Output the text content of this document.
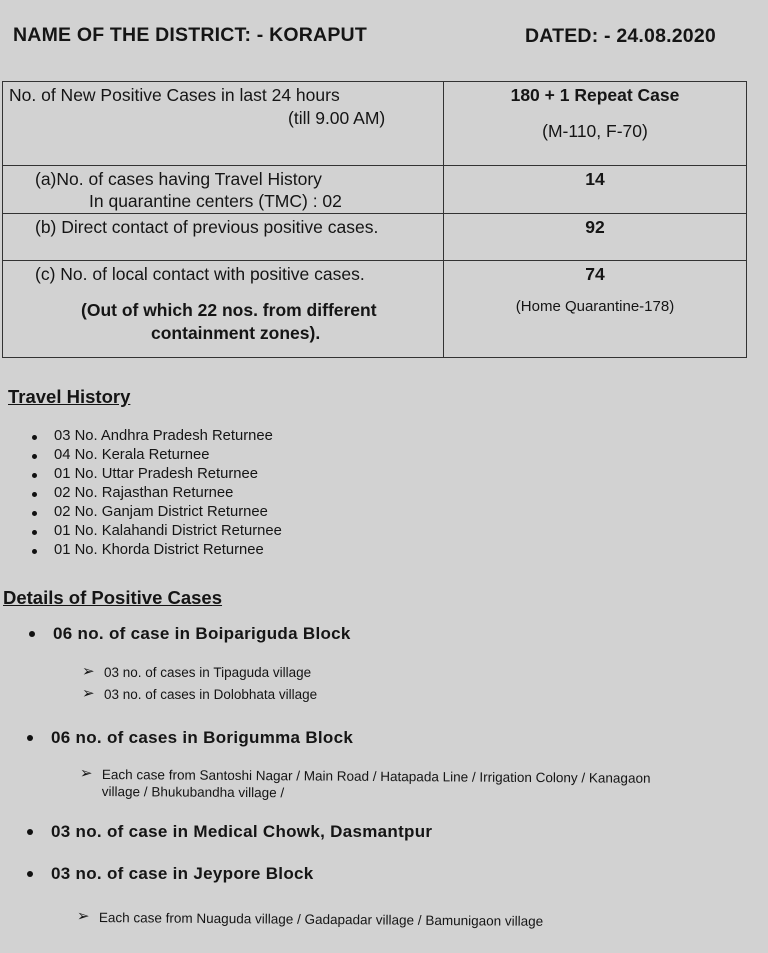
NAME OF THE DISTRICT: - KORAPUT	DATED: - 24.08.2020
No. of New Positive Cases in last 24 hours
(till 9.00 AM)	180 + 1 Repeat Case
(M-110, F-70)

(a)No. of cases having Travel History
In quarantine centers (TMC) : 02	14

(b) Direct contact of previous positive cases.	92

(c) No. of local contact with positive cases.
(Out of which 22 nos. from different
containment zones).	74
(Home Quarantine-178)
Travel History
03 No. Andhra Pradesh Returnee
04 No. Kerala Returnee
01 No. Uttar Pradesh Returnee
02 No. Rajasthan Returnee
02 No. Ganjam District Returnee
01 No. Kalahandi District Returnee
01 No. Khorda District Returnee
Details of Positive Cases
06 no. of case in Boipariguda Block
➢ 03 no. of cases in Tipaguda village
➢ 03 no. of cases in Dolobhata village
06 no. of cases in Borigumma Block
➢ Each case from Santoshi Nagar / Main Road / Hatapada Line / Irrigation Colony / Kanagaon
village / Bhukubandha village /
03 no. of case in Medical Chowk, Dasmantpur
03 no. of case in Jeypore Block
➢ Each case from Nuaguda village / Gadapadar village / Bamunigaon village
